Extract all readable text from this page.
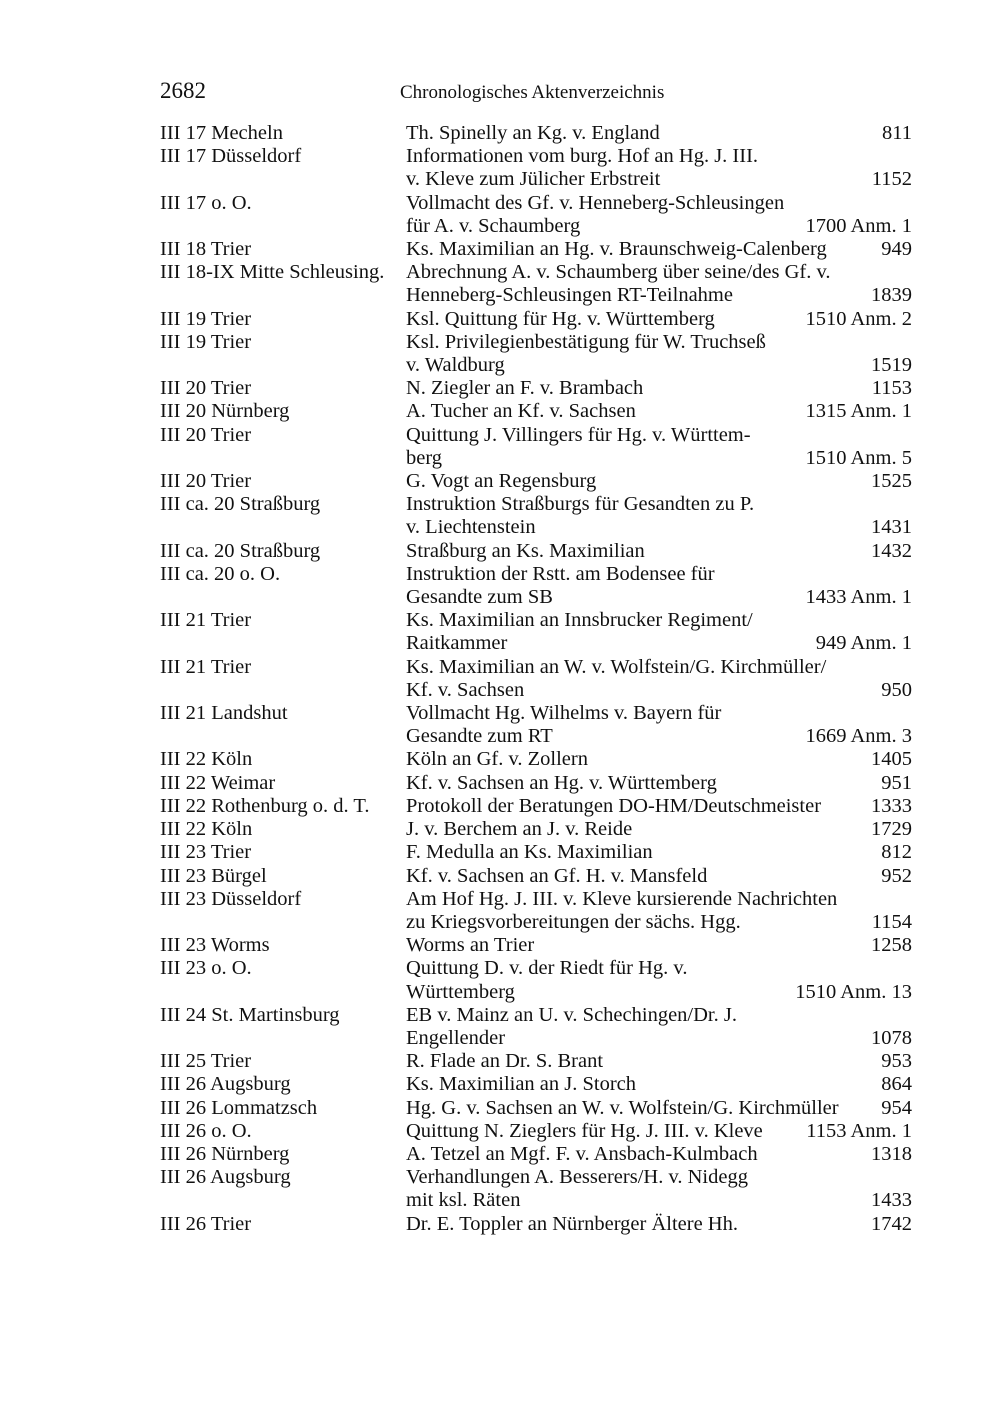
2682	Chronologisches Aktenverzeichnis
III 17 Mecheln	Th. Spinelly an Kg. v. England	811
III 17 Düsseldorf	Informationen vom burg. Hof an Hg. J. III.
v. Kleve zum Jülicher Erbstreit	1152
III 17 o. O.	Vollmacht des Gf. v. Henneberg-Schleusingen
für A. v. Schaumberg	1700 Anm. 1
III 18 Trier	Ks. Maximilian an Hg. v. Braunschweig-Calenberg	949
III 18-IX Mitte Schleusing.	Abrechnung A. v. Schaumberg über seine/des Gf. v.
Henneberg-Schleusingen RT-Teilnahme	1839
III 19 Trier	Ksl. Quittung für Hg. v. Württemberg	1510 Anm. 2
III 19 Trier	Ksl. Privilegienbestätigung für W. Truchseß
v. Waldburg	1519
III 20 Trier	N. Ziegler an F. v. Brambach	1153
III 20 Nürnberg	A. Tucher an Kf. v. Sachsen	1315 Anm. 1
III 20 Trier	Quittung J. Villingers für Hg. v. Württem-
berg	1510 Anm. 5
III 20 Trier	G. Vogt an Regensburg	1525
III ca. 20 Straßburg	Instruktion Straßburgs für Gesandten zu P.
v. Liechtenstein	1431
III ca. 20 Straßburg	Straßburg an Ks. Maximilian	1432
III ca. 20 o. O.	Instruktion der Rstt. am Bodensee für
Gesandte zum SB	1433 Anm. 1
III 21 Trier	Ks. Maximilian an Innsbrucker Regiment/
Raitkammer	949 Anm. 1
III 21 Trier	Ks. Maximilian an W. v. Wolfstein/G. Kirchmüller/
Kf. v. Sachsen	950
III 21 Landshut	Vollmacht Hg. Wilhelms v. Bayern für
Gesandte zum RT	1669 Anm. 3
III 22 Köln	Köln an Gf. v. Zollern	1405
III 22 Weimar	Kf. v. Sachsen an Hg. v. Württemberg	951
III 22 Rothenburg o. d. T.	Protokoll der Beratungen DO-HM/Deutschmeister 1333
III 22 Köln	J. v. Berchem an J. v. Reide	1729
III 23 Trier	F. Medulla an Ks. Maximilian	812
III 23 Bürgel	Kf. v. Sachsen an Gf. H. v. Mansfeld	952
III 23 Düsseldorf	Am Hof Hg. J. III. v. Kleve kursierende Nachrichten
zu Kriegsvorbereitungen der sächs. Hgg.	1154
III 23 Worms	Worms an Trier	1258
III 23 o. O.	Quittung D. v. der Riedt für Hg. v.
Württemberg	1510 Anm. 13
III 24 St. Martinsburg	EB v. Mainz an U. v. Schechingen/Dr. J.
Engellender	1078
III 25 Trier	R. Flade an Dr. S. Brant	953
III 26 Augsburg	Ks. Maximilian an J. Storch	864
III 26 Lommatzsch	Hg. G. v. Sachsen an W. v. Wolfstein/G. Kirchmüller 954
III 26 o. O.	Quittung N. Zieglers für Hg. J. III. v. Kleve 1153 Anm. 1
III 26 Nürnberg	A. Tetzel an Mgf. F. v. Ansbach-Kulmbach	1318
III 26 Augsburg	Verhandlungen A. Besserers/H. v. Nidegg
mit ksl. Räten	1433
III 26 Trier	Dr. E. Toppler an Nürnberger Ältere Hh.	1742
